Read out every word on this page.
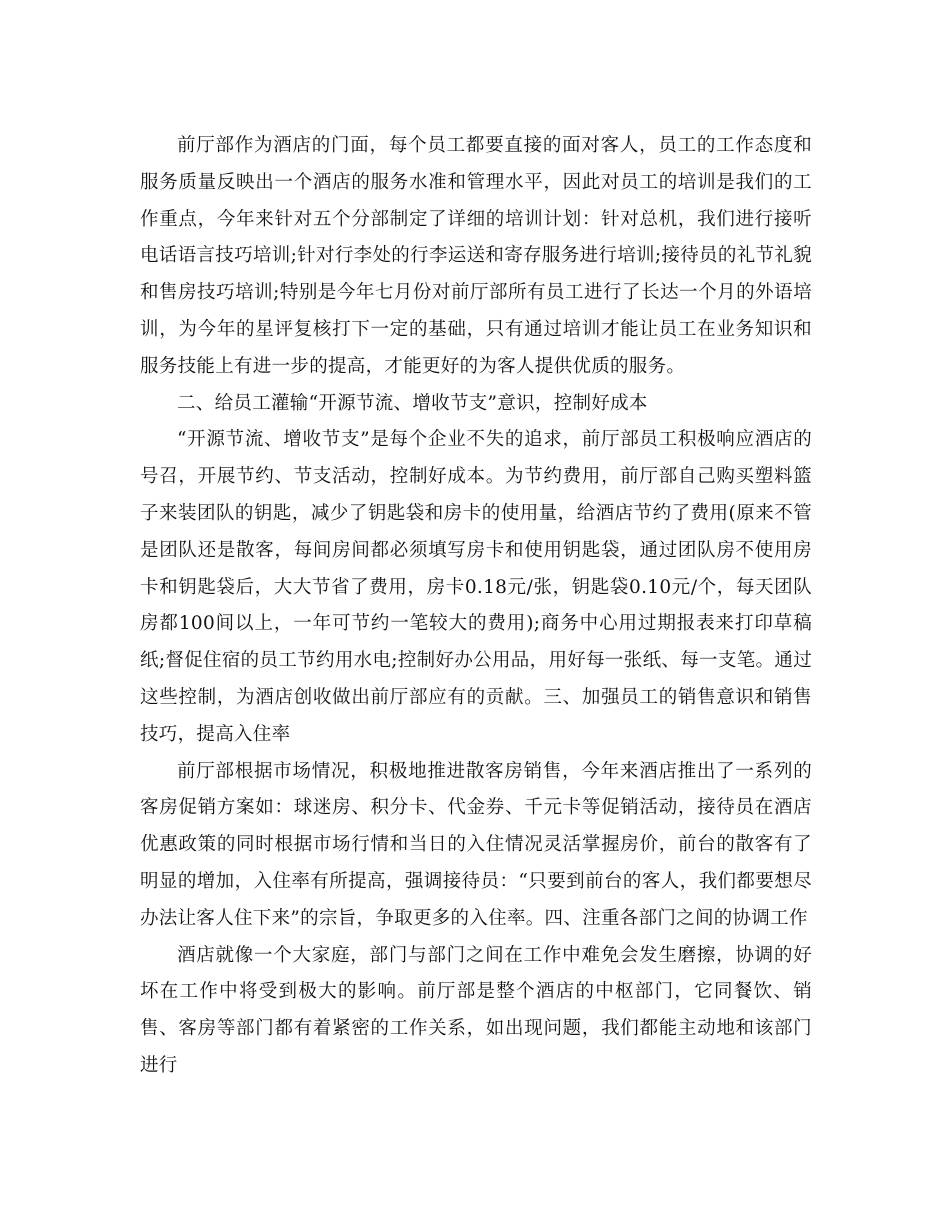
前厅部作为酒店的门面，每个员工都要直接的面对客人，员工的工作态度和服务质量反映出一个酒店的服务水准和管理水平，因此对员工的培训是我们的工作重点，今年来针对五个分部制定了详细的培训计划：针对总机，我们进行接听电话语言技巧培训;针对行李处的行李运送和寄存服务进行培训;接待员的礼节礼貌和售房技巧培训;特别是今年七月份对前厅部所有员工进行了长达一个月的外语培训，为今年的星评复核打下一定的基础，只有通过培训才能让员工在业务知识和服务技能上有进一步的提高，才能更好的为客人提供优质的服务。

二、给员工灌输“开源节流、增收节支”意识，控制好成本

“开源节流、增收节支”是每个企业不失的追求，前厅部员工积极响应酒店的号召，开展节约、节支活动，控制好成本。为节约费用，前厅部自己购买塑料篮子来装团队的钥匙，减少了钥匙袋和房卡的使用量，给酒店节约了费用(原来不管是团队还是散客，每间房间都必须填写房卡和使用钥匙袋，通过团队房不使用房卡和钥匙袋后，大大节省了费用，房卡0.18元/张，钥匙袋0.10元/个，每天团队房都100间以上，一年可节约一笔较大的费用);商务中心用过期报表来打印草稿纸;督促住宿的员工节约用水电;控制好办公用品，用好每一张纸、每一支笔。通过这些控制，为酒店创收做出前厅部应有的贡献。三、加强员工的销售意识和销售技巧，提高入住率

前厅部根据市场情况，积极地推进散客房销售，今年来酒店推出了一系列的客房促销方案如：球迷房、积分卡、代金券、千元卡等促销活动，接待员在酒店优惠政策的同时根据市场行情和当日的入住情况灵活掌握房价，前台的散客有了明显的增加，入住率有所提高，强调接待员：“只要到前台的客人，我们都要想尽办法让客人住下来”的宗旨，争取更多的入住率。四、注重各部门之间的协调工作

酒店就像一个大家庭，部门与部门之间在工作中难免会发生磨擦，协调的好坏在工作中将受到极大的影响。前厅部是整个酒店的中枢部门，它同餐饮、销售、客房等部门都有着紧密的工作关系，如出现问题，我们都能主动地和该部门进行
